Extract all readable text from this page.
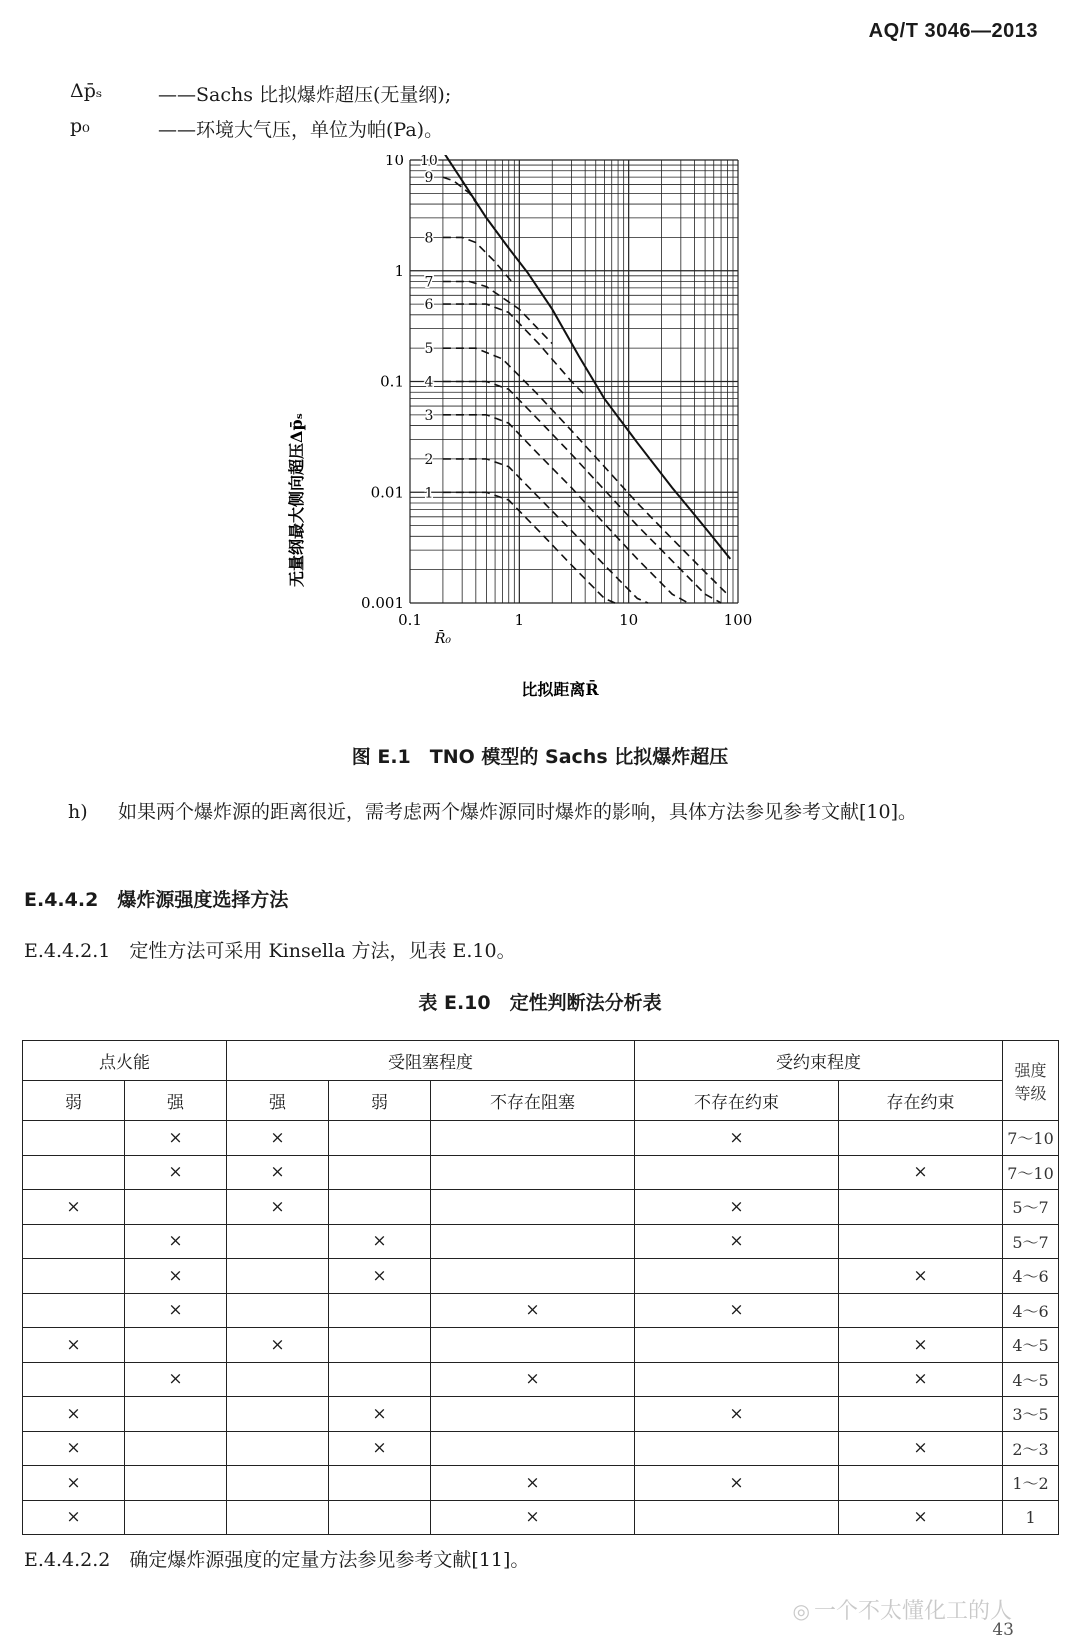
AQ/T 3046—2013
Δp̄ₛ	——Sachs 比拟爆炸超压(无量纲);
p₀	——环境大气压，单位为帕(Pa)。
10
9
8
7
6
5
4
3
2
1
0.1	1	10	100
0.001
0.01
0.1
1
10
R̄₀
无量纲最大侧向超压Δp̄ₛ
比拟距离R̄
图 E.1　TNO 模型的 Sachs 比拟爆炸超压
h) 如果两个爆炸源的距离很近，需考虑两个爆炸源同时爆炸的影响，具体方法参见参考文献[10]。
E.4.4.2　 爆炸源强度选择方法
E.4.4.2.1　 定性方法可采用 Kinsella 方法，见表 E.10。
表 E.10　定性判断法分析表
点火能		受阻塞程度			受约束程度		强度
等级
弱	强	强	弱	不存在阻塞	不存在约束	存在约束	
	×	×			×		7～10
	×	×				×	7～10
×		×			×		5～7
	×		×		×		5～7
	×		×			×	4～6
	×			×	×		4～6
×		×				×	4～5
	×			×		×	4～5
×			×		×		3～5
×			×			×	2～3
×				×	×		1～2
×				×		×	1
E.4.4.2.2　 确定爆炸源强度的定量方法参见参考文献[11]。
◎ 一个不太懂化工的人
43
